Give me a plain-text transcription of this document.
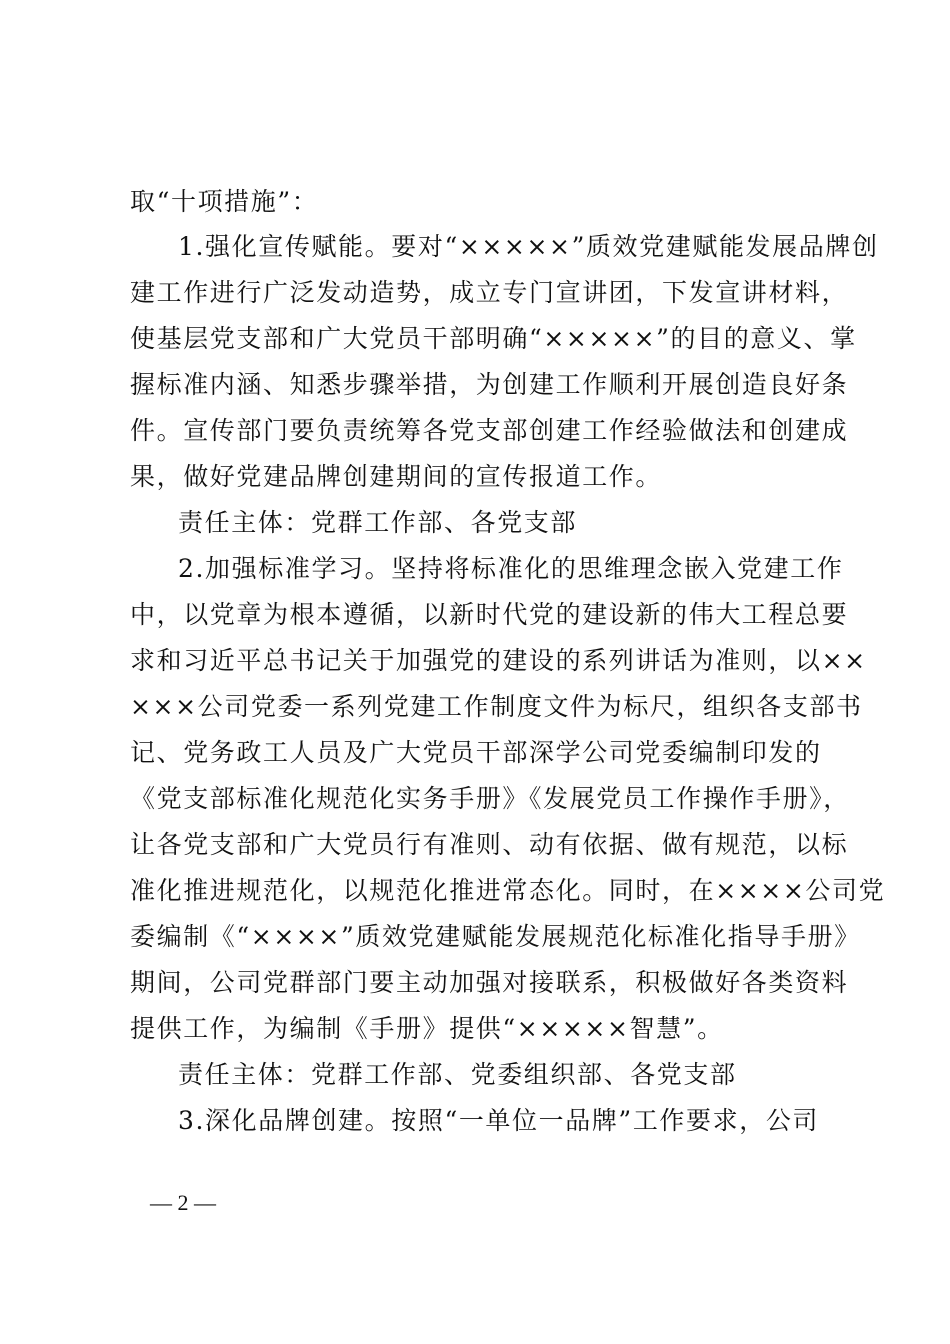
取“十项措施”：
1.强化宣传赋能。要对“×××××”质效党建赋能发展品牌创
建工作进行广泛发动造势，成立专门宣讲团，下发宣讲材料，
使基层党支部和广大党员干部明确“×××××”的目的意义、掌
握标准内涵、知悉步骤举措，为创建工作顺利开展创造良好条
件。宣传部门要负责统筹各党支部创建工作经验做法和创建成
果，做好党建品牌创建期间的宣传报道工作。
责任主体：党群工作部、各党支部
2.加强标准学习。坚持将标准化的思维理念嵌入党建工作
中，以党章为根本遵循，以新时代党的建设新的伟大工程总要
求和习近平总书记关于加强党的建设的系列讲话为准则，以××
×××公司党委一系列党建工作制度文件为标尺，组织各支部书
记、党务政工人员及广大党员干部深学公司党委编制印发的
《党支部标准化规范化实务手册》《发展党员工作操作手册》，
让各党支部和广大党员行有准则、动有依据、做有规范，以标
准化推进规范化，以规范化推进常态化。同时，在××××公司党
委编制《“××××”质效党建赋能发展规范化标准化指导手册》
期间，公司党群部门要主动加强对接联系，积极做好各类资料
提供工作，为编制《手册》提供“×××××智慧”。
责任主体：党群工作部、党委组织部、各党支部
3.深化品牌创建。按照“一单位一品牌”工作要求，公司
— 2 —
